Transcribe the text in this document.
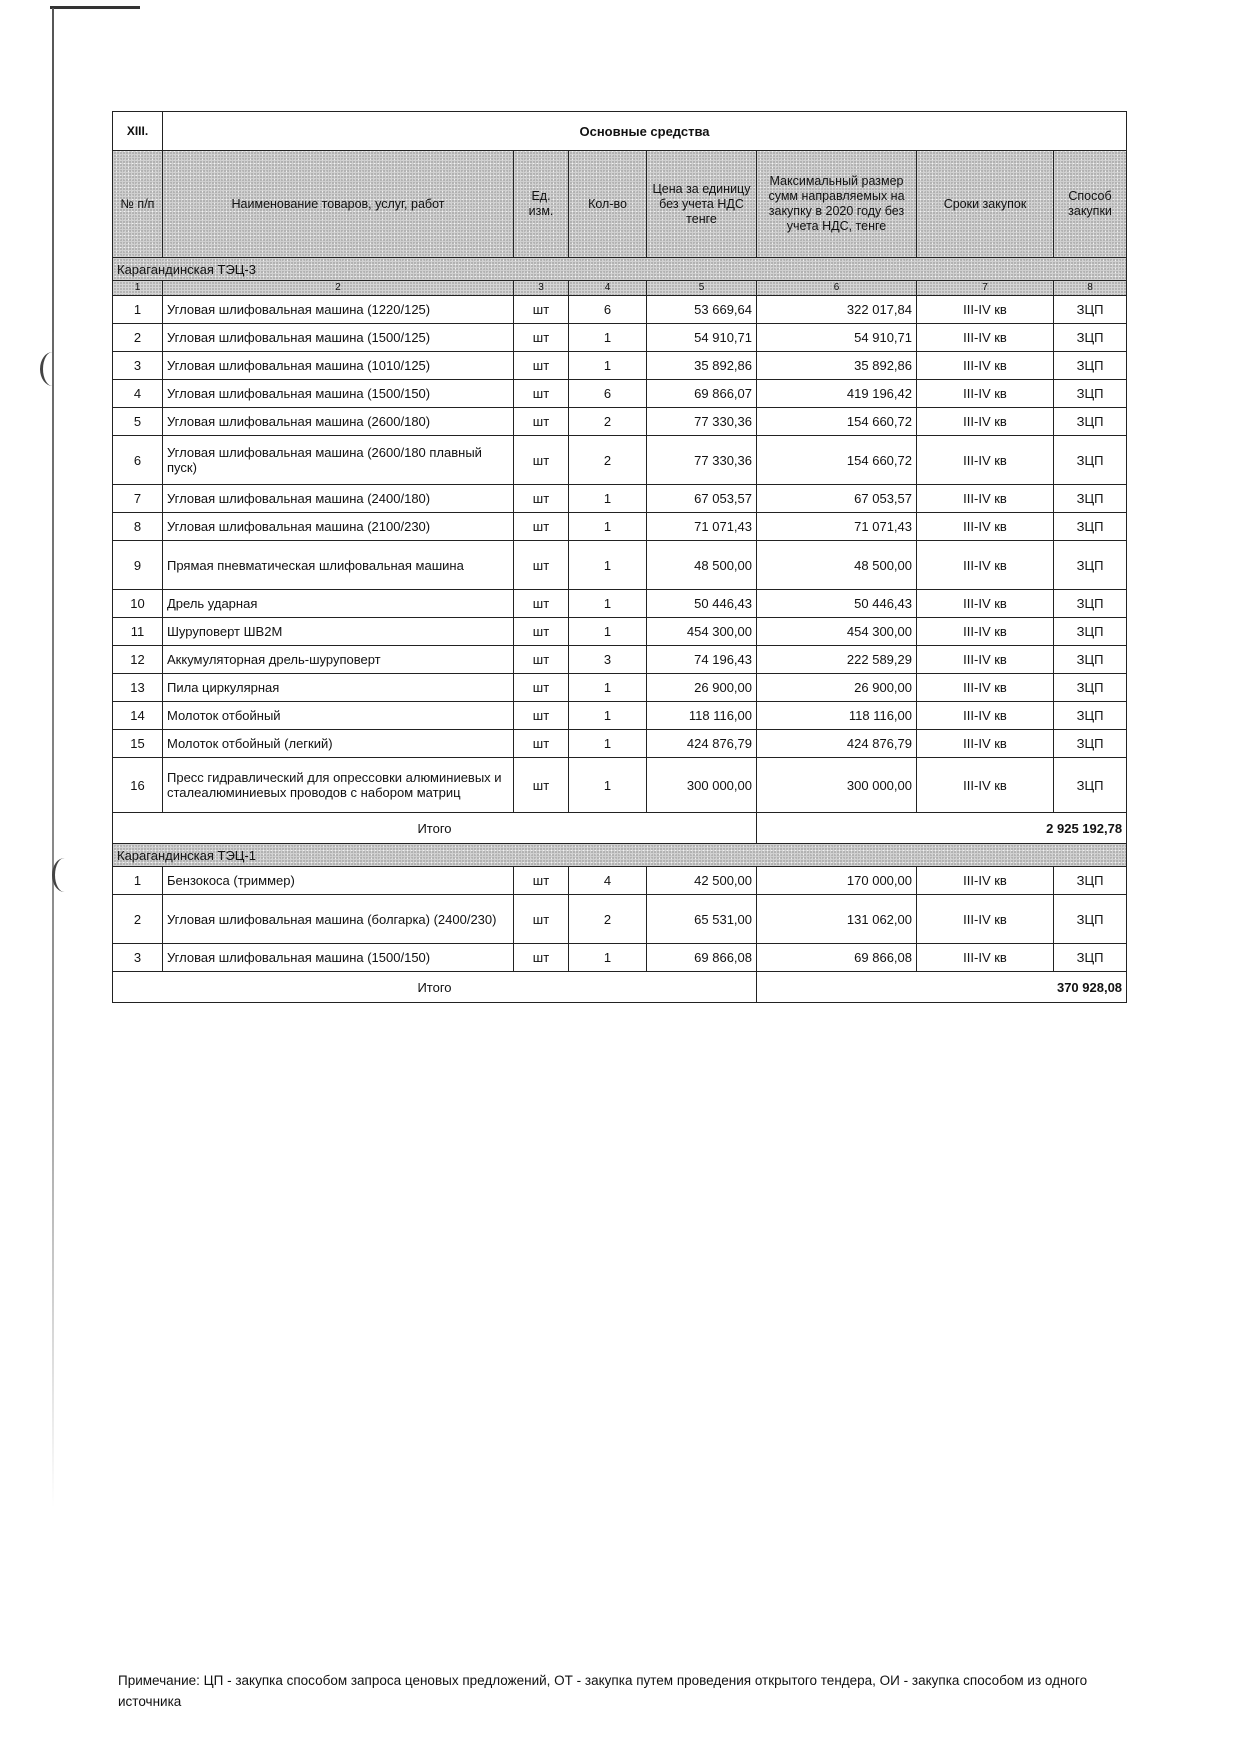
XIII.	Основные средства						
№ п/п	Наименование товаров, услуг, работ	Ед. изм.	Кол-во	Цена за единицу без учета НДС тенге	Максимальный размер сумм направляемых на закупку в 2020 году без учета НДС, тенге	Сроки закупок	Способ закупки
Карагандинская ТЭЦ-3							
1	2	3	4	5	6	7	8
1	Угловая шлифовальная машина (1220/125)	шт	6	53 669,64	322 017,84	III-IV кв	ЗЦП
2	Угловая шлифовальная машина (1500/125)	шт	1	54 910,71	54 910,71	III-IV кв	ЗЦП
3	Угловая шлифовальная машина (1010/125)	шт	1	35 892,86	35 892,86	III-IV кв	ЗЦП
4	Угловая шлифовальная машина (1500/150)	шт	6	69 866,07	419 196,42	III-IV кв	ЗЦП
5	Угловая шлифовальная машина (2600/180)	шт	2	77 330,36	154 660,72	III-IV кв	ЗЦП
6	Угловая шлифовальная машина (2600/180 плавный пуск)	шт	2	77 330,36	154 660,72	III-IV кв	ЗЦП
7	Угловая шлифовальная машина (2400/180)	шт	1	67 053,57	67 053,57	III-IV кв	ЗЦП
8	Угловая шлифовальная машина (2100/230)	шт	1	71 071,43	71 071,43	III-IV кв	ЗЦП
9	Прямая пневматическая шлифовальная машина	шт	1	48 500,00	48 500,00	III-IV кв	ЗЦП
10	Дрель ударная	шт	1	50 446,43	50 446,43	III-IV кв	ЗЦП
11	Шуруповерт ШВ2М	шт	1	454 300,00	454 300,00	III-IV кв	ЗЦП
12	Аккумуляторная дрель-шуруповерт	шт	3	74 196,43	222 589,29	III-IV кв	ЗЦП
13	Пила циркулярная	шт	1	26 900,00	26 900,00	III-IV кв	ЗЦП
14	Молоток отбойный	шт	1	118 116,00	118 116,00	III-IV кв	ЗЦП
15	Молоток отбойный (легкий)	шт	1	424 876,79	424 876,79	III-IV кв	ЗЦП
16	Пресс гидравлический для опрессовки алюминиевых и сталеалюминиевых проводов с набором матриц	шт	1	300 000,00	300 000,00	III-IV кв	ЗЦП
Итого					2 925 192,78		
Карагандинская ТЭЦ-1							
1	Бензокоса (триммер)	шт	4	42 500,00	170 000,00	III-IV кв	ЗЦП
2	Угловая шлифовальная машина (болгарка) (2400/230)	шт	2	65 531,00	131 062,00	III-IV кв	ЗЦП
3	Угловая шлифовальная машина (1500/150)	шт	1	69 866,08	69 866,08	III-IV кв	ЗЦП
Итого					370 928,08		
Примечание: ЦП - закупка способом запроса ценовых предложений, ОТ - закупка путем проведения открытого тендера, ОИ - закупка способом из одного источника
